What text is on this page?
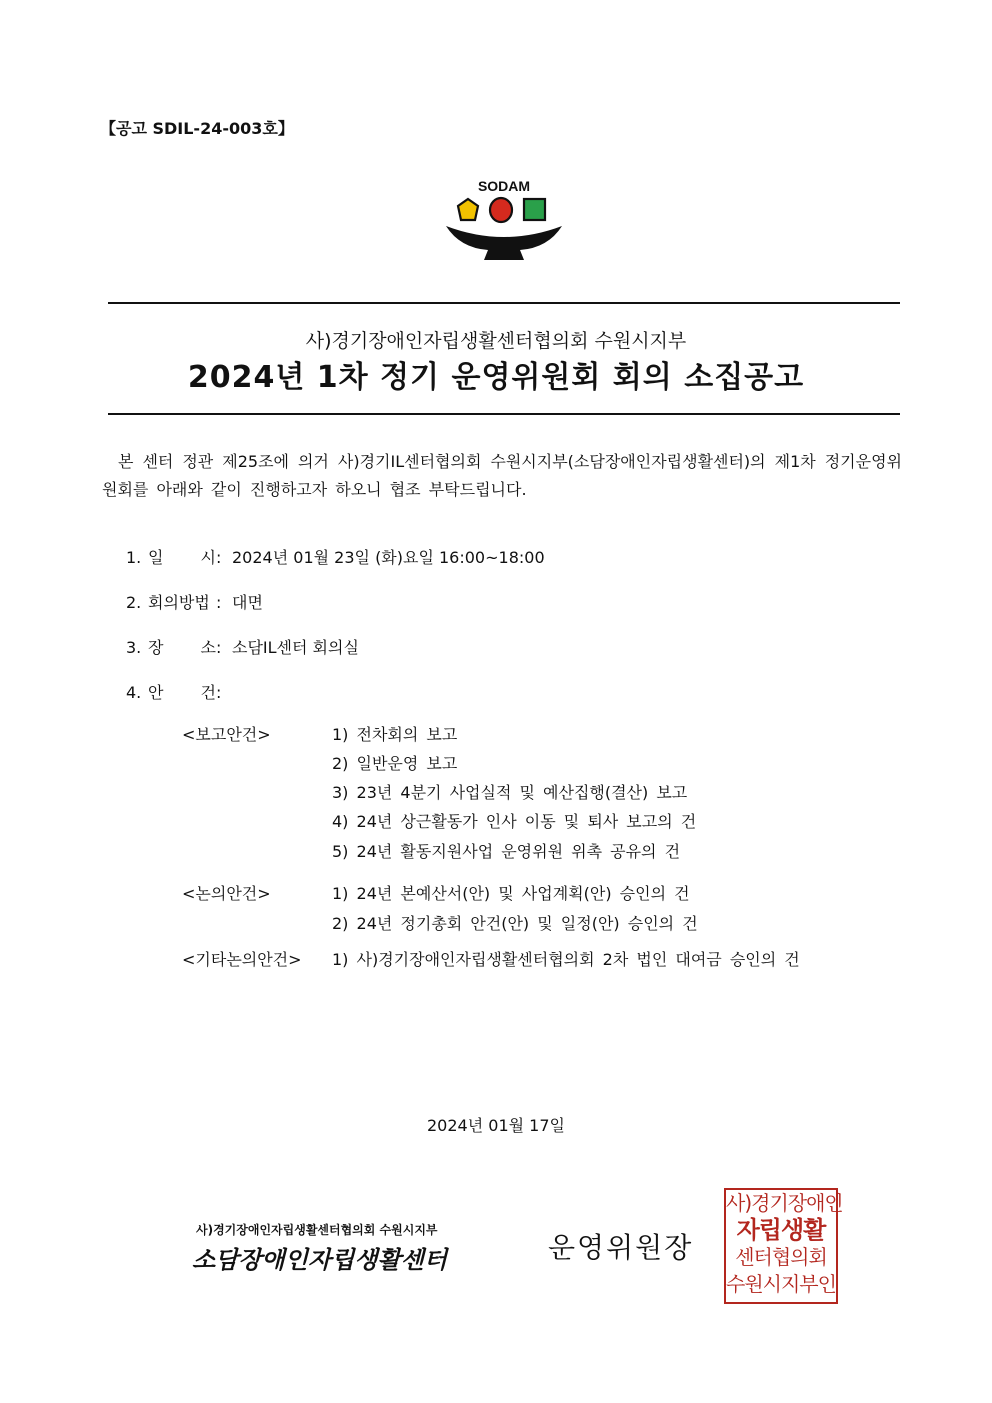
【공고 SDIL-24-003호】
SODAM
사)경기장애인자립생활센터협의회 수원시지부
2024년 1차 정기 운영위원회 회의 소집공고
본 센터 정관 제25조에 의거 사)경기IL센터협의회 수원시지부(소담장애인자립생활센터)의 제1차 정기운영위원회를 아래와 같이 진행하고자 하오니 협조 부탁드립니다.
1. 일 시: 2024년 01월 23일 (화)요일 16:00~18:00
2. 회의방법 : 대면
3. 장 소: 소담IL센터 회의실
4. 안 건:
<보고안건>	1) 전차회의 보고
2) 일반운영 보고
3) 23년 4분기 사업실적 및 예산집행(결산) 보고
4) 24년 상근활동가 인사 이동 및 퇴사 보고의 건
5) 24년 활동지원사업 운영위원 위촉 공유의 건
<논의안건>	1) 24년 본예산서(안) 및 사업계획(안) 승인의 건
2) 24년 정기총회 안건(안) 및 일정(안) 승인의 건
<기타논의안건> 1) 사)경기장애인자립생활센터협의회 2차 법인 대여금 승인의 건
2024년 01월 17일
사)경기장애인자립생활센터협의회 수원시지부
소담장애인자립생활센터	운영위원장
사)경기장애인
자립생활
센터협의회
수원시지부인
